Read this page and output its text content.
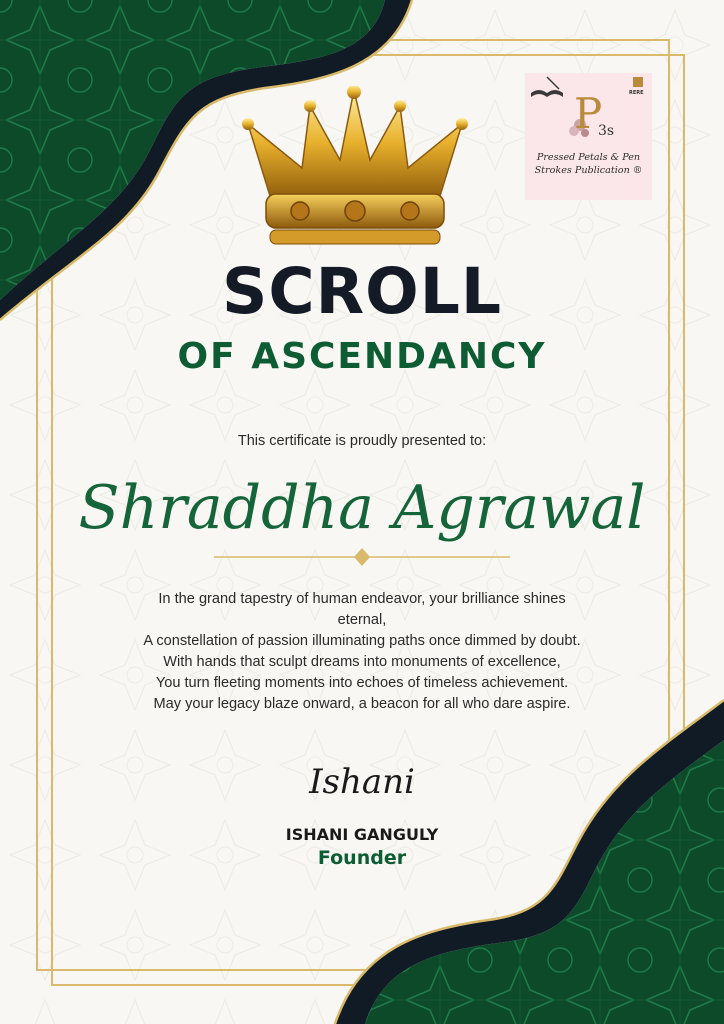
RERE
P
3s
Pressed Petals & Pen
Strokes Publication ®
SCROLL
OF ASCENDANCY
This certificate is proudly presented to:
Shraddha Agrawal
In the grand tapestry of human endeavor, your brilliance shines
eternal,
A constellation of passion illuminating paths once dimmed by doubt.
With hands that sculpt dreams into monuments of excellence,
You turn fleeting moments into echoes of timeless achievement.
May your legacy blaze onward, a beacon for all who dare aspire.
Ishani
ISHANI GANGULY
Founder
